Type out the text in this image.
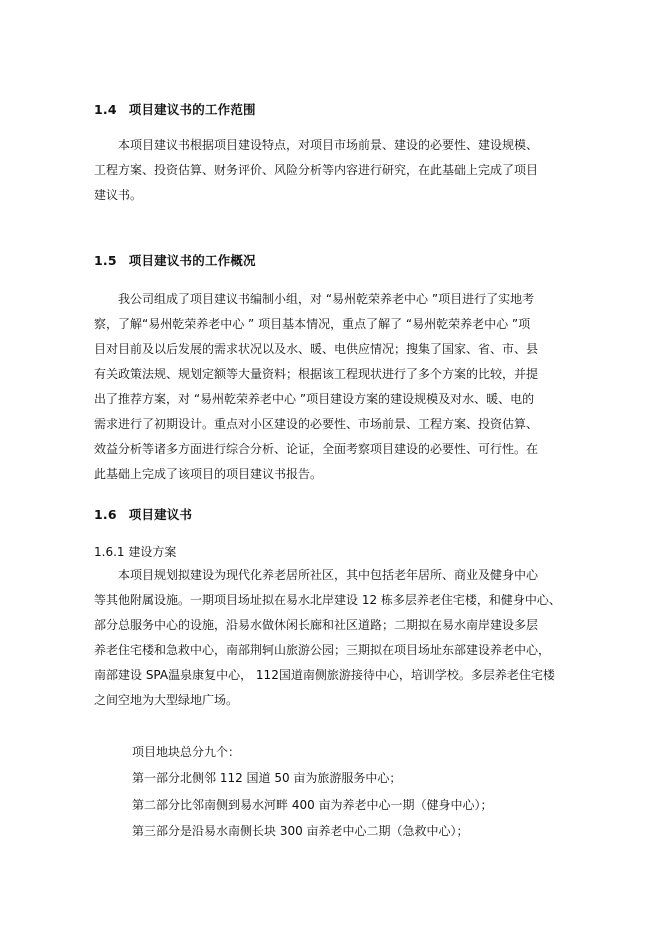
1.4 项目建议书的工作范围
本项目建议书根据项目建设特点，对项目市场前景、建设的必要性、建设规模、
工程方案、投资估算、财务评价、风险分析等内容进行研究，在此基础上完成了项目
建议书。
1.5 项目建议书的工作概况
我公司组成了项目建议书编制小组，对 “易州乾荣养老中心 ”项目进行了实地考
察，了解“易州乾荣养老中心 ” 项目基本情况，重点了解了 “易州乾荣养老中心 ”项
目对目前及以后发展的需求状况以及水、暖、电供应情况；搜集了国家、省、市、县
有关政策法规、规划定额等大量资料；根据该工程现状进行了多个方案的比较，并提
出了推荐方案，对 “易州乾荣养老中心 ”项目建设方案的建设规模及对水、暖、电的
需求进行了初期设计。重点对小区建设的必要性、市场前景、工程方案、投资估算、
效益分析等诸多方面进行综合分析、论证，全面考察项目建设的必要性、可行性。在
此基础上完成了该项目的项目建议书报告。
1.6 项目建议书
1.6.1 建设方案
本项目规划拟建设为现代化养老居所社区，其中包括老年居所、商业及健身中心
等其他附属设施。一期项目场址拟在易水北岸建设 12 栋多层养老住宅楼，和健身中心、
部分总服务中心的设施，沿易水做休闲长廊和社区道路；二期拟在易水南岸建设多层
养老住宅楼和急救中心，南部荆轲山旅游公园；三期拟在项目场址东部建设养老中心，
南部建设 SPA温泉康复中心， 112国道南侧旅游接待中心，培训学校。多层养老住宅楼
之间空地为大型绿地广场。
项目地块总分九个：
第一部分北侧邻 112 国道 50 亩为旅游服务中心；
第二部分比邻南侧到易水河畔 400 亩为养老中心一期（健身中心）；
第三部分是沿易水南侧长块 300 亩养老中心二期（急救中心）；
